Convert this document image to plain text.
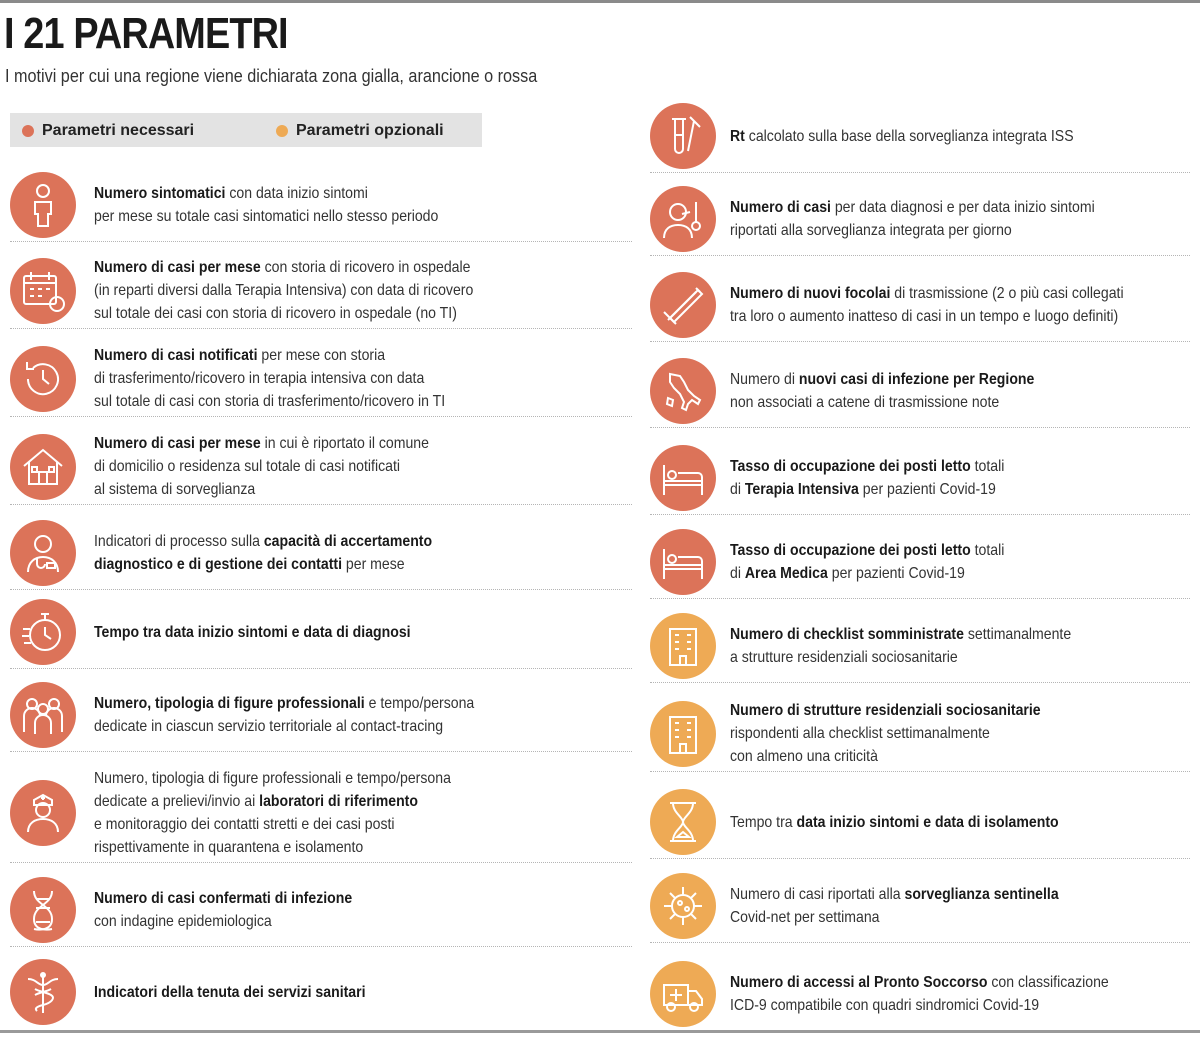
I 21 PARAMETRI
I motivi per cui una regione viene dichiarata zona gialla, arancione o rossa
Parametri necessari	Parametri opzionali
Numero sintomatici con data inizio sintomi
per mese su totale casi sintomatici nello stesso periodo
Numero di casi per mese con storia di ricovero in ospedale
(in reparti diversi dalla Terapia Intensiva) con data di ricovero
sul totale dei casi con storia di ricovero in ospedale (no TI)
Numero di casi notificati per mese con storia
di trasferimento/ricovero in terapia intensiva con data
sul totale di casi con storia di trasferimento/ricovero in TI
Numero di casi per mese in cui è riportato il comune
di domicilio o residenza sul totale di casi notificati
al sistema di sorveglianza
Indicatori di processo sulla capacità di accertamento
diagnostico e di gestione dei contatti per mese
Tempo tra data inizio sintomi e data di diagnosi
Numero, tipologia di figure professionali e tempo/persona
dedicate in ciascun servizio territoriale al contact-tracing
Numero, tipologia di figure professionali e tempo/persona
dedicate a prelievi/invio ai laboratori di riferimento
e monitoraggio dei contatti stretti e dei casi posti
rispettivamente in quarantena e isolamento
Numero di casi confermati di infezione
con indagine epidemiologica
Indicatori della tenuta dei servizi sanitari
Rt calcolato sulla base della sorveglianza integrata ISS
Numero di casi per data diagnosi e per data inizio sintomi
riportati alla sorveglianza integrata per giorno
Numero di nuovi focolai di trasmissione (2 o più casi collegati
tra loro o aumento inatteso di casi in un tempo e luogo definiti)
Numero di nuovi casi di infezione per Regione
non associati a catene di trasmissione note
Tasso di occupazione dei posti letto totali
di Terapia Intensiva per pazienti Covid-19
Tasso di occupazione dei posti letto totali
di Area Medica per pazienti Covid-19
Numero di checklist somministrate settimanalmente
a strutture residenziali sociosanitarie
Numero di strutture residenziali sociosanitarie
rispondenti alla checklist settimanalmente
con almeno una criticità
Tempo tra data inizio sintomi e data di isolamento
Numero di casi riportati alla sorveglianza sentinella
Covid-net per settimana
Numero di accessi al Pronto Soccorso con classificazione
ICD-9 compatibile con quadri sindromici Covid-19
